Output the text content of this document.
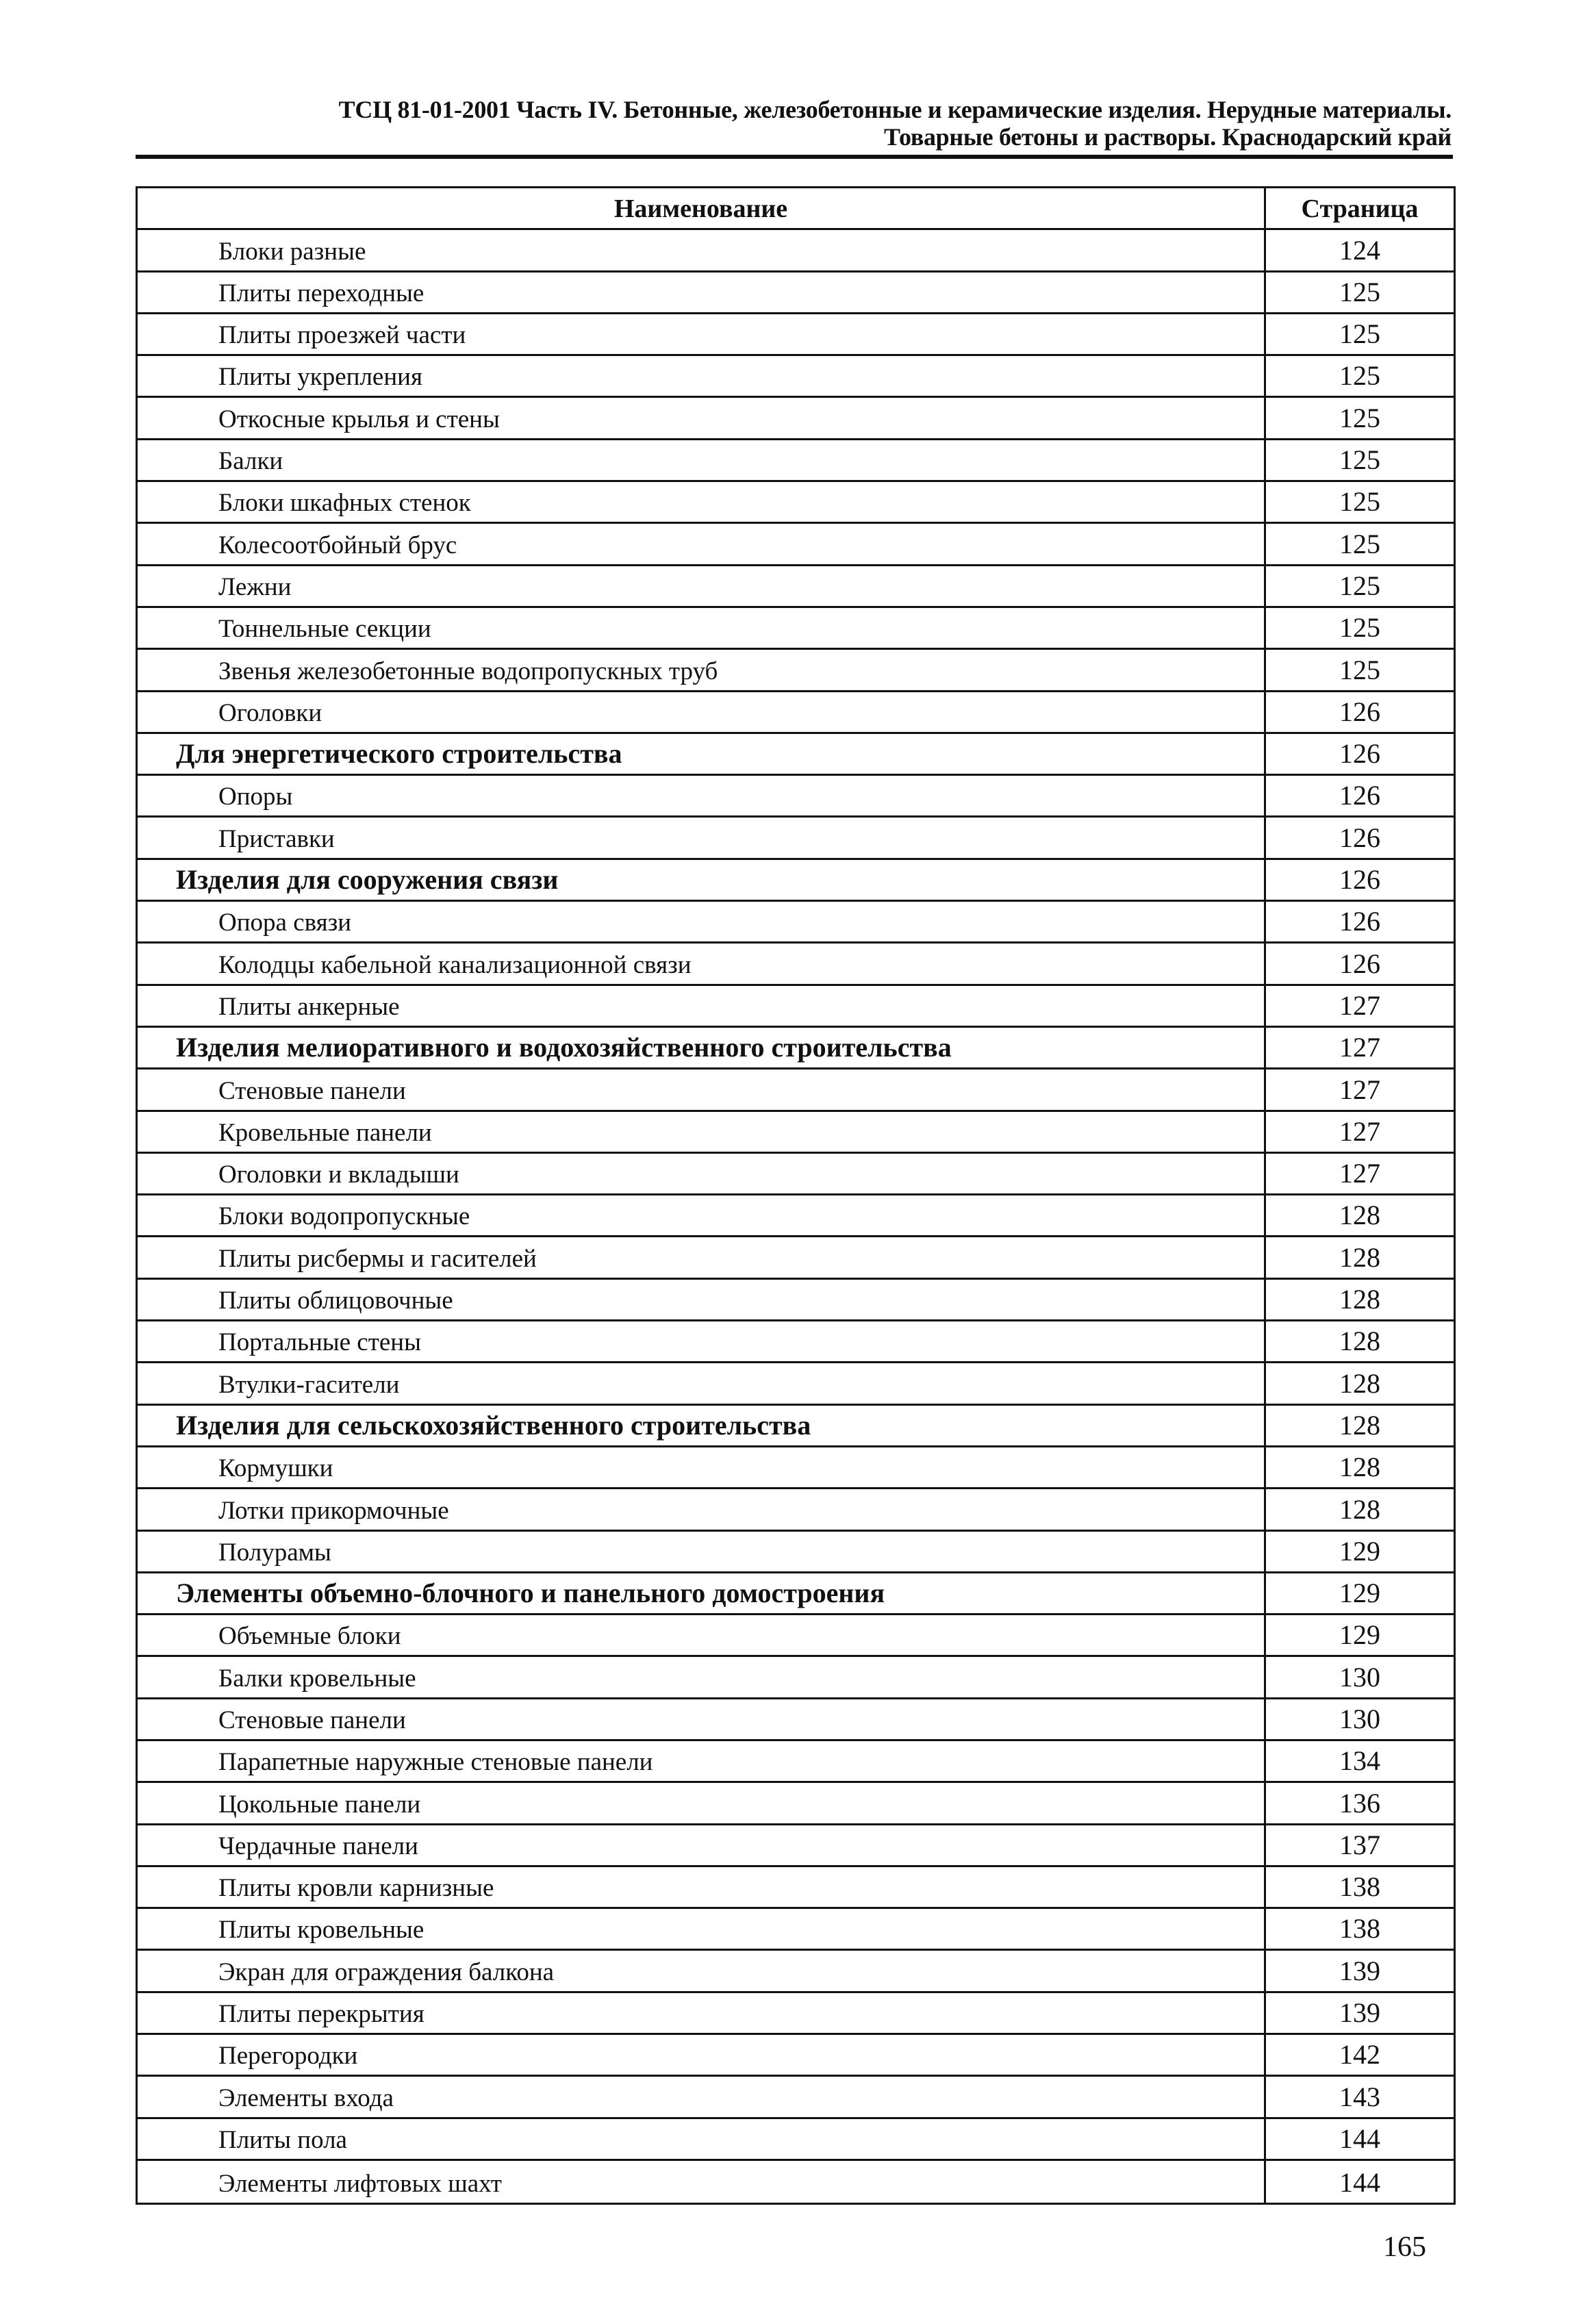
ТСЦ 81-01-2001 Часть IV. Бетонные, железобетонные и керамические изделия. Нерудные материалы.
Товарные бетоны и растворы. Краснодарский край
Наименование	Страница
Блоки разные	124
Плиты переходные	125
Плиты проезжей части	125
Плиты укрепления	125
Откосные крылья и стены	125
Балки	125
Блоки шкафных стенок	125
Колесоотбойный брус	125
Лежни	125
Тоннельные секции	125
Звенья железобетонные водопропускных труб	125
Оголовки	126
Для энергетического строительства	126
Опоры	126
Приставки	126
Изделия для сооружения связи	126
Опора связи	126
Колодцы кабельной канализационной связи	126
Плиты анкерные	127
Изделия мелиоративного и водохозяйственного строительства	127
Стеновые панели	127
Кровельные панели	127
Оголовки и вкладыши	127
Блоки водопропускные	128
Плиты рисбермы и гасителей	128
Плиты облицовочные	128
Портальные стены	128
Втулки-гасители	128
Изделия для сельскохозяйственного строительства	128
Кормушки	128
Лотки прикормочные	128
Полурамы	129
Элементы объемно-блочного и панельного домостроения	129
Объемные блоки	129
Балки кровельные	130
Стеновые панели	130
Парапетные наружные стеновые панели	134
Цокольные панели	136
Чердачные панели	137
Плиты кровли карнизные	138
Плиты кровельные	138
Экран для ограждения балкона	139
Плиты перекрытия	139
Перегородки	142
Элементы входа	143
Плиты пола	144
Элементы лифтовых шахт	144
165
